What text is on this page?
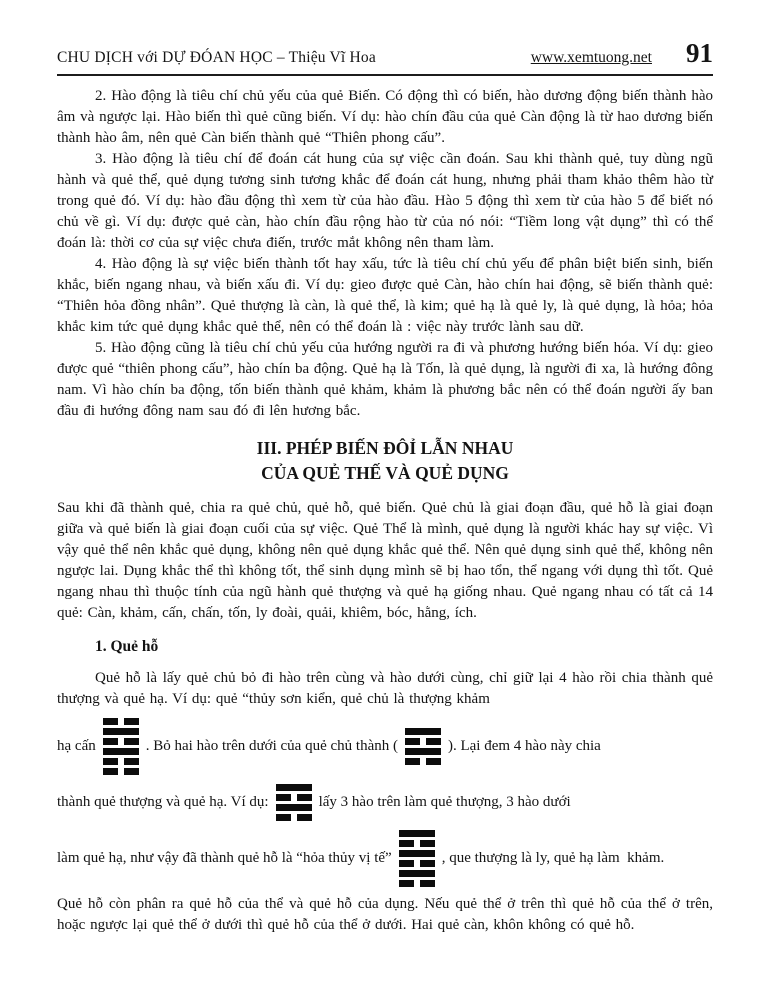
CHU DỊCH với DỰ ĐÓAN HỌC – Thiệu Vĩ Hoa	www.xemtuong.net 91

2. Hào động là tiêu chí chủ yếu của quẻ Biến. Có động thì có biến, hào dương động biến thành hào âm và ngược lại. Hào biến thì quẻ cũng biến. Ví dụ: hào chín đầu của quẻ Càn động là từ hao dương biến thành hào âm, nên quẻ Càn biến thành quẻ “Thiên phong cấu”.

3. Hào động là tiêu chí để đoán cát hung của sự việc cần đoán. Sau khi thành quẻ, tuy dùng ngũ hành và quẻ thể, quẻ dụng tương sinh tương khắc để đoán cát hung, nhưng phải tham khảo thêm hào từ trong quẻ đó. Ví dụ: hào đầu động thì xem từ của hào đầu. Hào 5 động thì xem từ của hào 5 để biết nó chủ về gì. Ví dụ: được quẻ càn, hào chín đầu rộng hào từ của nó nói: “Tiềm long vật dụng” thì có thể đoán là: thời cơ của sự việc chưa điến, trước mắt không nên tham làm.

4. Hào động là sự việc biến thành tốt hay xấu, tức là tiêu chí chủ yếu để phân biệt biến sinh, biến khắc, biến ngang nhau, và biến xấu đi. Ví dụ: gieo được quẻ Càn, hào chín hai động, sẽ biến thành quẻ: “Thiên hỏa đồng nhân”. Quẻ thượng là càn, là quẻ thể, là kim; quẻ hạ là quẻ ly, là quẻ dụng, là hỏa; hỏa khắc kim tức quẻ dụng khắc quẻ thể, nên có thể đoán là : việc này trước lành sau dữ.

5. Hào động cũng là tiêu chí chủ yếu của hướng người ra đi và phương hướng biến hóa. Ví dụ: gieo được quẻ “thiên phong cấu”, hào chín ba động. Quẻ hạ là Tốn, là quẻ dụng, là người đi xa, là hướng đông nam. Vì hào chín ba động, tốn biến thành quẻ khảm, khảm là phương bắc nên có thể đoán người ấy ban đầu đi hướng đông nam sau đó đi lên hương bắc.

III. PHÉP BIẾN ĐÔỈ LẪN NHAU
CỦA QUẺ THẾ VÀ QUẺ DỤNG

Sau khi đã thành quẻ, chia ra quẻ chủ, quẻ hỗ, quẻ biến. Quẻ chủ là giai đoạn đầu, quẻ hỗ là giai đoạn giữa và quẻ biến là giai đoạn cuối của sự việc. Quẻ Thể là mình, quẻ dụng là người khác hay sự việc. Vì vậy quẻ thể nên khắc quẻ dụng, không nên quẻ dụng khắc quẻ thể. Nên quẻ dụng sinh quẻ thể, không nên ngược lai. Dụng khắc thể thì không tốt, thể sinh dụng mình sẽ bị hao tổn, thể ngang với dụng thì tốt. Quẻ ngang nhau thì thuộc tính của ngũ hành quẻ thượng và quẻ hạ giống nhau. Quẻ ngang nhau có tất cả 14 quẻ: Càn, khảm, cấn, chấn, tốn, ly đoài, quải, khiêm, bóc, hằng, ích.

1. Quẻ hỗ

Quẻ hỗ là lấy quẻ chủ bỏ đi hào trên cùng và hào dưới cùng, chỉ giữ lại 4 hào rồi chia thành quẻ thượng và quẻ hạ. Ví dụ: quẻ “thủy sơn kiển, quẻ chủ là thượng khảm

hạ cấn	. Bỏ hai hào trên dưới của quẻ chủ thành (	). Lại đem 4 hào này chia
thành quẻ thượng và quẻ hạ. Ví dụ:	lấy 3 hào trên làm quẻ thượng, 3 hào dưới
làm quẻ hạ, như vậy đã thành quẻ hỗ là “hỏa thủy vị tế”	, que thượng là ly, quẻ hạ làm  khảm.

Quẻ hỗ còn phân ra quẻ hỗ của thể và quẻ hỗ của dụng. Nếu quẻ thể ở trên thì quẻ hỗ của thể ở trên, hoặc ngược lại quẻ thể ở dưới thì quẻ hỗ của thể ở dưới. Hai quẻ càn, khôn không có quẻ hỗ.
